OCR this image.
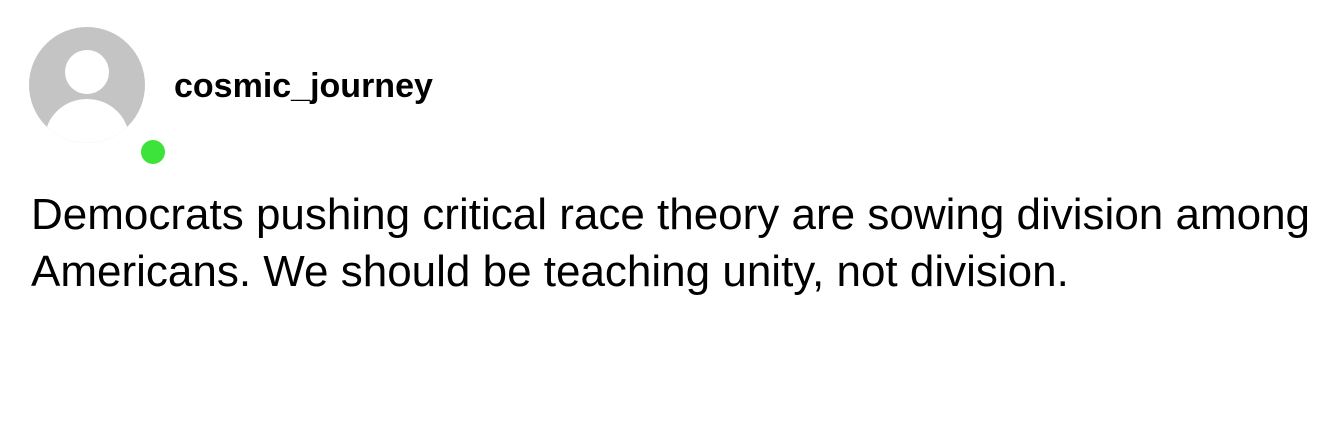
cosmic_journey

Democrats pushing critical race theory are sowing division among Americans. We should be teaching unity, not division.
